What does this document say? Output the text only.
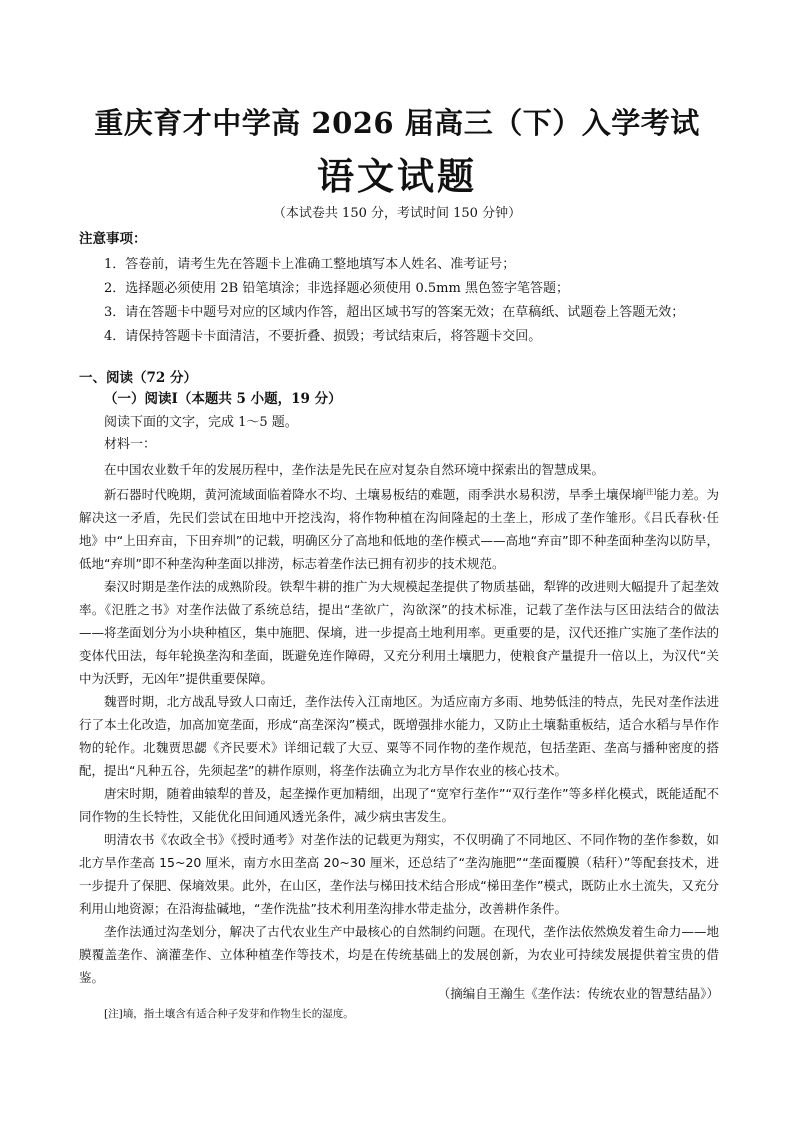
重庆育才中学高 2026 届高三（下）入学考试
语文试题
（本试卷共 150 分，考试时间 150 分钟）
注意事项：
1．答卷前，请考生先在答题卡上准确工整地填写本人姓名、准考证号；
2．选择题必须使用 2B 铅笔填涂；非选择题必须使用 0.5mm 黑色签字笔答题；
3．请在答题卡中题号对应的区域内作答，超出区域书写的答案无效；在草稿纸、试题卷上答题无效；
4．请保持答题卡卡面清洁，不要折叠、损毁；考试结束后，将答题卡交回。
一、阅读（72 分）
（一）阅读Ⅰ（本题共 5 小题，19 分）
阅读下面的文字，完成 1～5 题。
材料一：

在中国农业数千年的发展历程中，垄作法是先民在应对复杂自然环境中探索出的智慧成果。

新石器时代晚期，黄河流域面临着降水不均、土壤易板结的难题，雨季洪水易积涝，旱季土壤保墒[注]能力差。为解决这一矛盾，先民们尝试在田地中开挖浅沟，将作物种植在沟间隆起的土垄上，形成了垄作雏形。《吕氏春秋·任地》中“上田弃亩，下田弃圳”的记载，明确区分了高地和低地的垄作模式——高地“弃亩”即不种垄面种垄沟以防旱，低地“弃圳”即不种垄沟种垄面以排涝，标志着垄作法已拥有初步的技术规范。

秦汉时期是垄作法的成熟阶段。铁犁牛耕的推广为大规模起垄提供了物质基础，犁铧的改进则大幅提升了起垄效率。《氾胜之书》对垄作法做了系统总结，提出“垄欲广，沟欲深”的技术标准，记载了垄作法与区田法结合的做法——将垄面划分为小块种植区，集中施肥、保墒，进一步提高土地利用率。更重要的是，汉代还推广实施了垄作法的变体代田法，每年轮换垄沟和垄面，既避免连作障碍，又充分利用土壤肥力，使粮食产量提升一倍以上，为汉代“关中为沃野，无凶年”提供重要保障。

魏晋时期，北方战乱导致人口南迁，垄作法传入江南地区。为适应南方多雨、地势低洼的特点，先民对垄作法进行了本土化改造，加高加宽垄面，形成“高垄深沟”模式，既增强排水能力，又防止土壤黏重板结，适合水稻与旱作作物的轮作。北魏贾思勰《齐民要术》详细记载了大豆、粟等不同作物的垄作规范，包括垄距、垄高与播种密度的搭配，提出“凡种五谷，先须起垄”的耕作原则，将垄作法确立为北方旱作农业的核心技术。

唐宋时期，随着曲辕犁的普及，起垄操作更加精细，出现了“宽窄行垄作”“双行垄作”等多样化模式，既能适配不同作物的生长特性，又能优化田间通风透光条件，减少病虫害发生。

明清农书《农政全书》《授时通考》对垄作法的记载更为翔实，不仅明确了不同地区、不同作物的垄作参数，如北方旱作垄高 15~20 厘米，南方水田垄高 20~30 厘米，还总结了“垄沟施肥”“垄面覆膜（秸秆）”等配套技术，进一步提升了保肥、保墒效果。此外，在山区，垄作法与梯田技术结合形成“梯田垄作”模式，既防止水土流失，又充分利用山地资源；在沿海盐碱地，“垄作洗盐”技术利用垄沟排水带走盐分，改善耕作条件。

垄作法通过沟垄划分，解决了古代农业生产中最核心的自然制约问题。在现代，垄作法依然焕发着生命力——地膜覆盖垄作、滴灌垄作、立体种植垄作等技术，均是在传统基础上的发展创新，为农业可持续发展提供着宝贵的借鉴。

（摘编自王瀚生《垄作法：传统农业的智慧结晶》）
[注]墒，指土壤含有适合种子发芽和作物生长的湿度。
